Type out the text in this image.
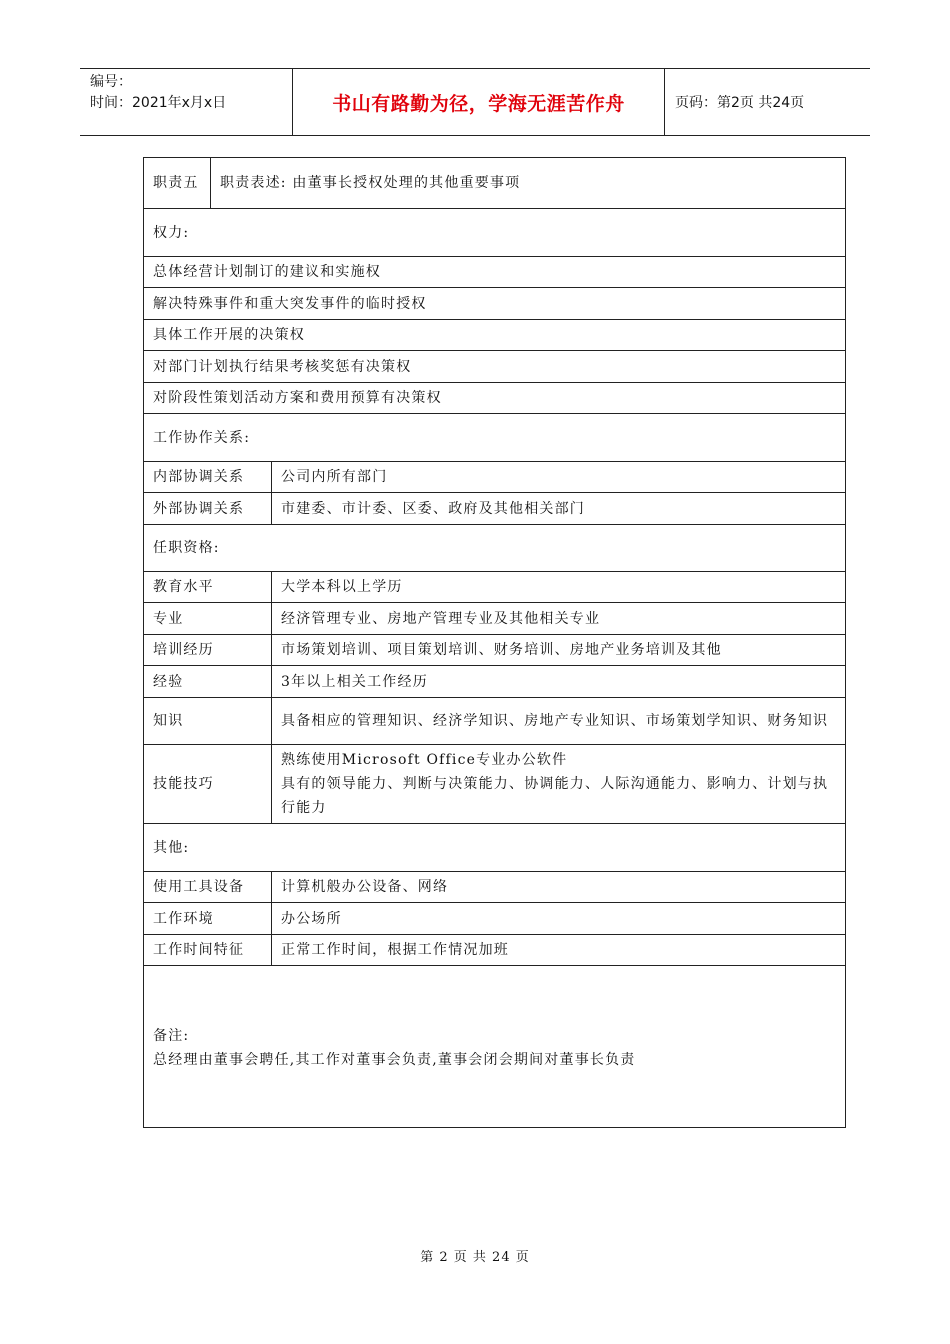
编号：
时间：2021年x月x日	书山有路勤为径，学海无涯苦作舟	页码：第2页 共24页
职责五	职责表述: 由董事长授权处理的其他重要事项	
权力:		
总体经营计划制订的建议和实施权		
解决特殊事件和重大突发事件的临时授权		
具体工作开展的决策权		
对部门计划执行结果考核奖惩有决策权		
对阶段性策划活动方案和费用预算有决策权		
工作协作关系:		
内部协调关系		公司内所有部门
外部协调关系		市建委、市计委、区委、政府及其他相关部门
任职资格:		
教育水平		大学本科以上学历
专业		经济管理专业、房地产管理专业及其他相关专业
培训经历		市场策划培训、项目策划培训、财务培训、房地产业务培训及其他
经验		3年以上相关工作经历
知识		具备相应的管理知识、经济学知识、房地产专业知识、市场策划学知识、财务知识
技能技巧		熟练使用Microsoft Office专业办公软件
具有的领导能力、判断与决策能力、协调能力、人际沟通能力、影响力、计划与执行能力

其他:		
使用工具设备		计算机般办公设备、网络
工作环境		办公场所
工作时间特征		正常工作时间，根据工作情况加班

备注:
总经理由董事会聘任,其工作对董事会负责,董事会闭会期间对董事长负责		
第 2 页 共 24 页
